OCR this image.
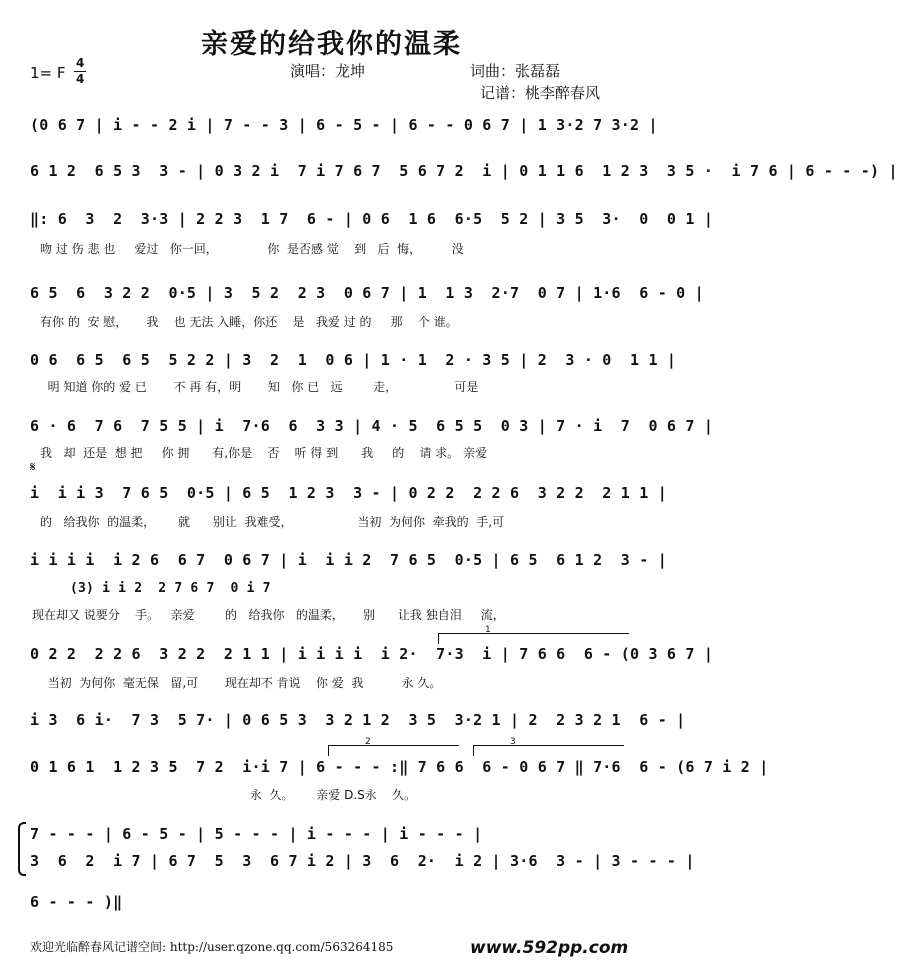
亲爱的给我你的温柔
1= F
4
4	演唱：龙坤	词曲：张磊磊
记谱：桃李醉春风
(0 6 7 | i - - 2 i | 7 - - 3 | 6 - 5 - | 6 - - 0 6 7 | 1 3·2 7 3·2 |
6 1 2  6 5 3  3 - | 0 3 2 i  7 i 7 6 7  5 6 7 2  i | 0 1 1 6  1 2 3  3 5 ·  i 7 6 | 6 - - -) |
‖: 6  3  2  3·3 | 2 2 3  1 7  6 - | 0 6  1 6  6·5  5 2 | 3 5  3·  0  0 1 |
吻 过 伤 悲 也     爱过   你一回，             你  是否感 觉    到   后  悔，        没
6 5  6  3 2 2  0·5 | 3  5 2  2 3  0 6 7 | 1  1 3  2·7  0 7 | 1·6  6 - 0 |
有你 的  安 慰，     我    也 无法 入睡，你还    是   我爱 过 的     那    个 谁。
0 6  6 5  6 5  5 2 2 | 3  2  1  0 6 | 1 · 1  2 · 3 5 | 2  3 · 0  1 1 |
明 知道 你的 爱 已       不 再 有，明       知   你 已   远        走，               可是
6 · 6  7 6  7 5 5 | i  7·6  6  3 3 | 4 · 5  6 5 5  0 3 | 7 · i  7  0 6 7 |
我   却  还是  想 把     你 拥      有,你是    否    听 得 到      我     的    请 求。 亲爱
𝄋
i  i i 3  7 6 5  0·5 | 6 5  1 2 3  3 - | 0 2 2  2 2 6  3 2 2  2 1 1 |
的   给我你  的温柔，      就      别让  我难受，                 当初  为何你  牵我的  手,可
i i i i  i 2 6  6 7  0 6 7 | i  i i 2  7 6 5  0·5 | 6 5  6 1 2  3 - |
(3) i i 2  2 7 6 7  0 i 7
现在却又 说要分    手。   亲爱        的   给我你   的温柔，     别      让我 独自泪     流，
1
0 2 2  2 2 6  3 2 2  2 1 1 | i i i i  i 2·  7·3  i | 7 6 6  6 - (0 3 6 7 |
当初  为何你  毫无保   留,可       现在却不 肯说    你 爱  我          永 久。
i 3  6 i·  7 3  5 7· | 0 6 5 3  3 2 1 2  3 5  3·2 1 | 2  2 3 2 1  6 - |
2	3
0 1 6 1  1 2 3 5  7 2  i·i 7 | 6 - - - :‖ 7 6 6  6 - 0 6 7 ‖ 7·6  6 - (6 7 i 2 |
永  久。      亲爱 D.S永    久。
7 - - - | 6 - 5 - | 5 - - - | i - - - | i - - - |
3  6  2  i 7 | 6 7  5  3  6 7 i 2 | 3  6  2·  i 2 | 3·6  3 - | 3 - - - |
6 - - - )‖
欢迎光临醉春风记谱空间: http://user.qzone.qq.com/563264185	www.592pp.com
